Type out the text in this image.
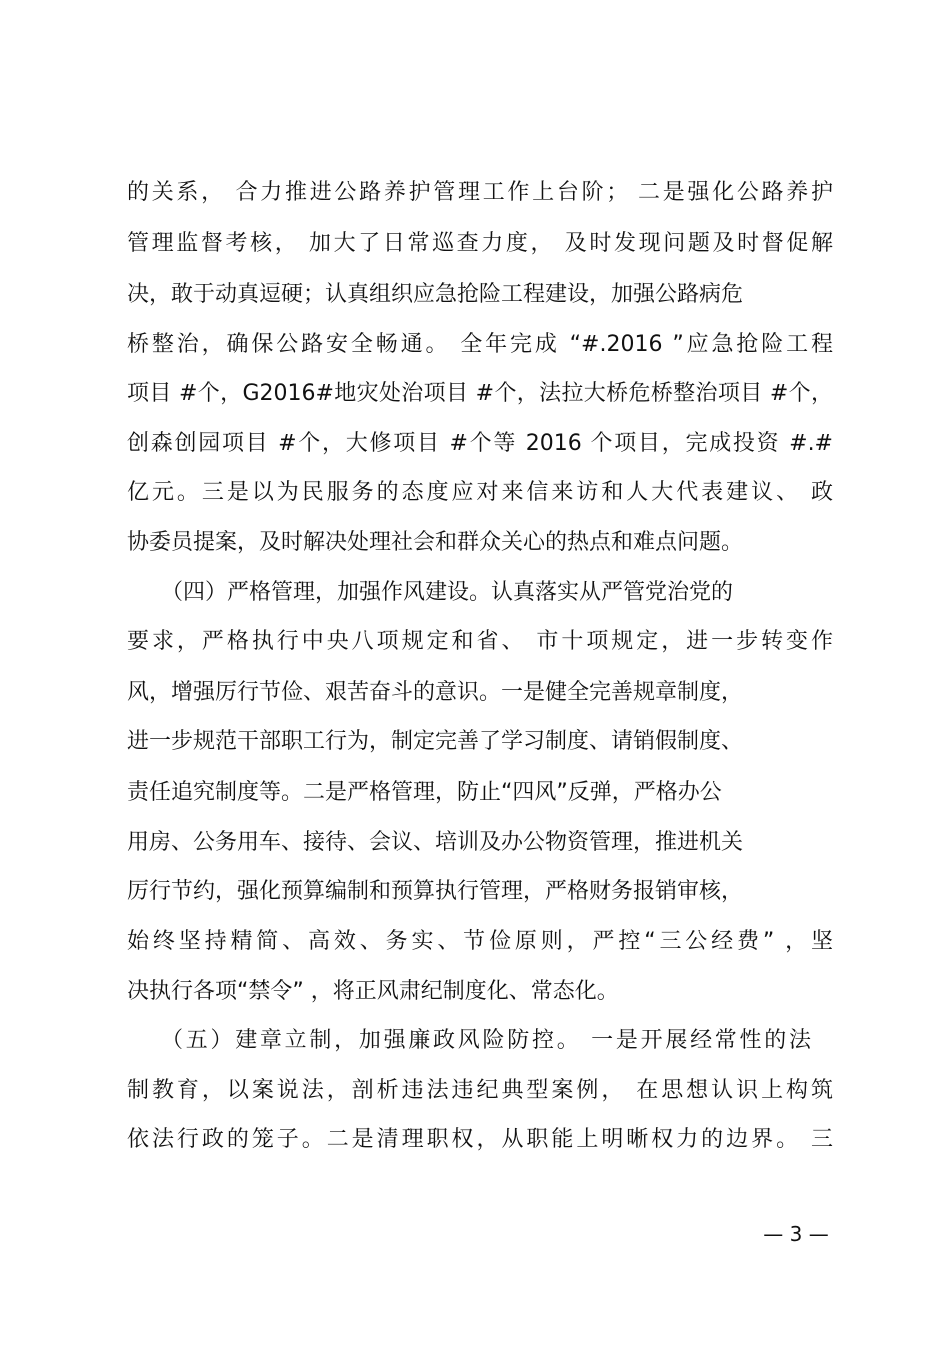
的关系， 合力推进公路养护管理工作上台阶； 二是强化公路养护
管理监督考核， 加大了日常巡查力度， 及时发现问题及时督促解
决，敢于动真逗硬；认真组织应急抢险工程建设，加强公路病危
桥整治，确保公路安全畅通。 全年完成 “#.2016 ”应急抢险工程
项目 #个，G2016#地灾处治项目 #个，法拉大桥危桥整治项目 #个，
创森创园项目 #个，大修项目 #个等 2016 个项目，完成投资 #.#
亿元。三是以为民服务的态度应对来信来访和人大代表建议、 政
协委员提案，及时解决处理社会和群众关心的热点和难点问题。
（四）严格管理，加强作风建设。认真落实从严管党治党的
要求，严格执行中央八项规定和省、 市十项规定，进一步转变作
风，增强厉行节俭、艰苦奋斗的意识。一是健全完善规章制度，
进一步规范干部职工行为，制定完善了学习制度、请销假制度、
责任追究制度等。二是严格管理，防止“四风”反弹，严格办公
用房、公务用车、接待、会议、培训及办公物资管理，推进机关
厉行节约，强化预算编制和预算执行管理，严格财务报销审核，
始终坚持精简、高效、务实、节俭原则，严控“三公经费” ，坚
决执行各项“禁令” ，将正风肃纪制度化、常态化。
（五）建章立制，加强廉政风险防控。 一是开展经常性的法
制教育，以案说法，剖析违法违纪典型案例， 在思想认识上构筑
依法行政的笼子。二是清理职权，从职能上明晰权力的边界。 三
— 3 —
